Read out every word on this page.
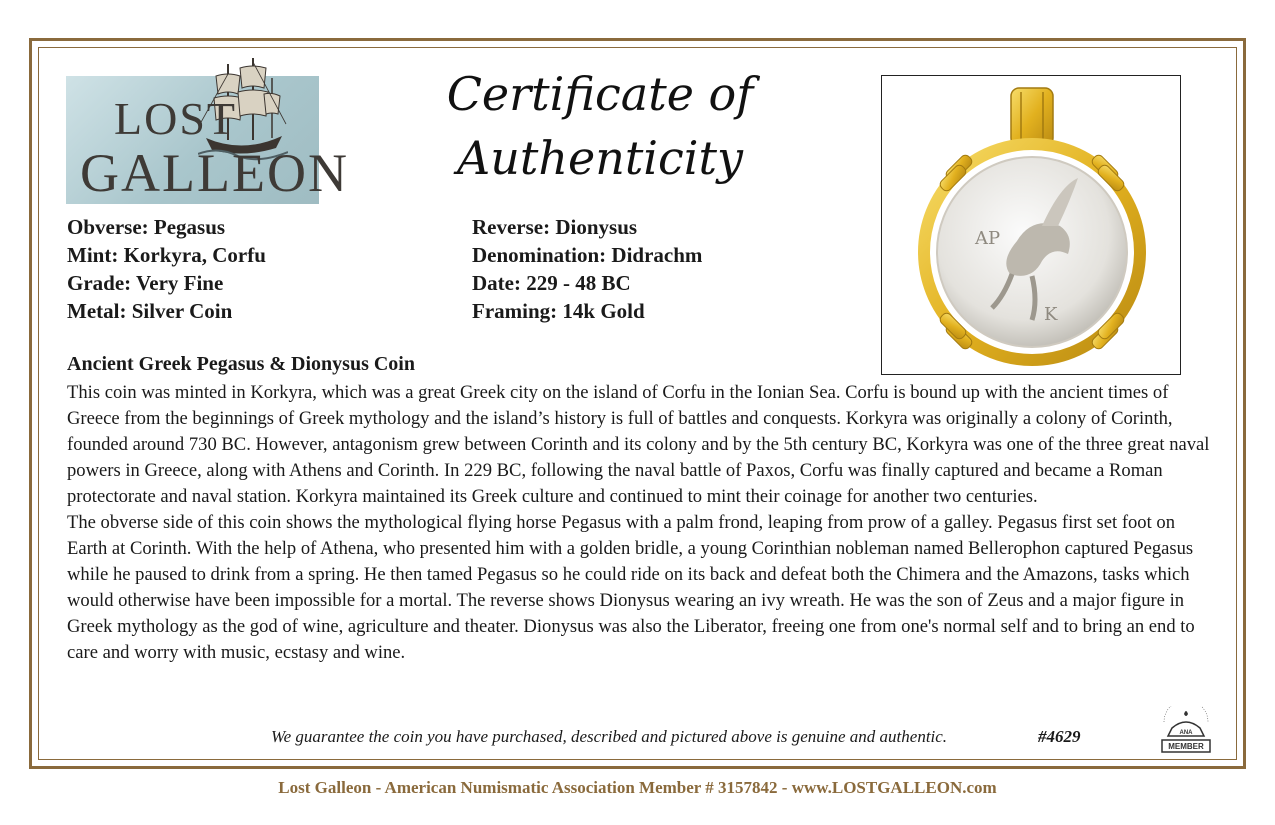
LOST
GALLEON
Certificate of
Authenticity
AP
K
Obverse: Pegasus
Mint: Korkyra, Corfu
Grade: Very Fine
Metal: Silver Coin
Reverse: Dionysus
Denomination: Didrachm
Date: 229 - 48 BC
Framing: 14k Gold
Ancient Greek Pegasus & Dionysus Coin

This coin was minted in Korkyra, which was a great Greek city on the island of Corfu in the Ionian Sea. Corfu is bound up with the ancient times of Greece from the beginnings of Greek mythology and the island’s history is full of battles and conquests. Korkyra was originally a colony of Corinth, founded around 730 BC. However, antagonism grew between Corinth and its colony and by the 5th century BC, Korkyra was one of the three great naval powers in Greece, along with Athens and Corinth. In 229 BC, following the naval battle of Paxos, Corfu was finally captured and became a Roman protectorate and naval station. Korkyra maintained its Greek culture and continued to mint their coinage for another two centuries.

The obverse side of this coin shows the mythological flying horse Pegasus with a palm frond, leaping from prow of a galley. Pegasus first set foot on Earth at Corinth. With the help of Athena, who presented him with a golden bridle, a young Corinthian nobleman named Bellerophon captured Pegasus while he paused to drink from a spring. He then tamed Pegasus so he could ride on its back and defeat both the Chimera and the Amazons, tasks which would otherwise have been impossible for a mortal. The reverse shows Dionysus wearing an ivy wreath. He was the son of Zeus and a major figure in Greek mythology as the god of wine, agriculture and theater. Dionysus was also the Liberator, freeing one from one's normal self and to bring an end to care and worry with music, ecstasy and wine.

We guarantee the coin you have purchased, described and pictured above is genuine and authentic.	#4629	ANA
MEMBER
Lost Galleon - American Numismatic Association Member # 3157842 - www.LOSTGALLEON.com
